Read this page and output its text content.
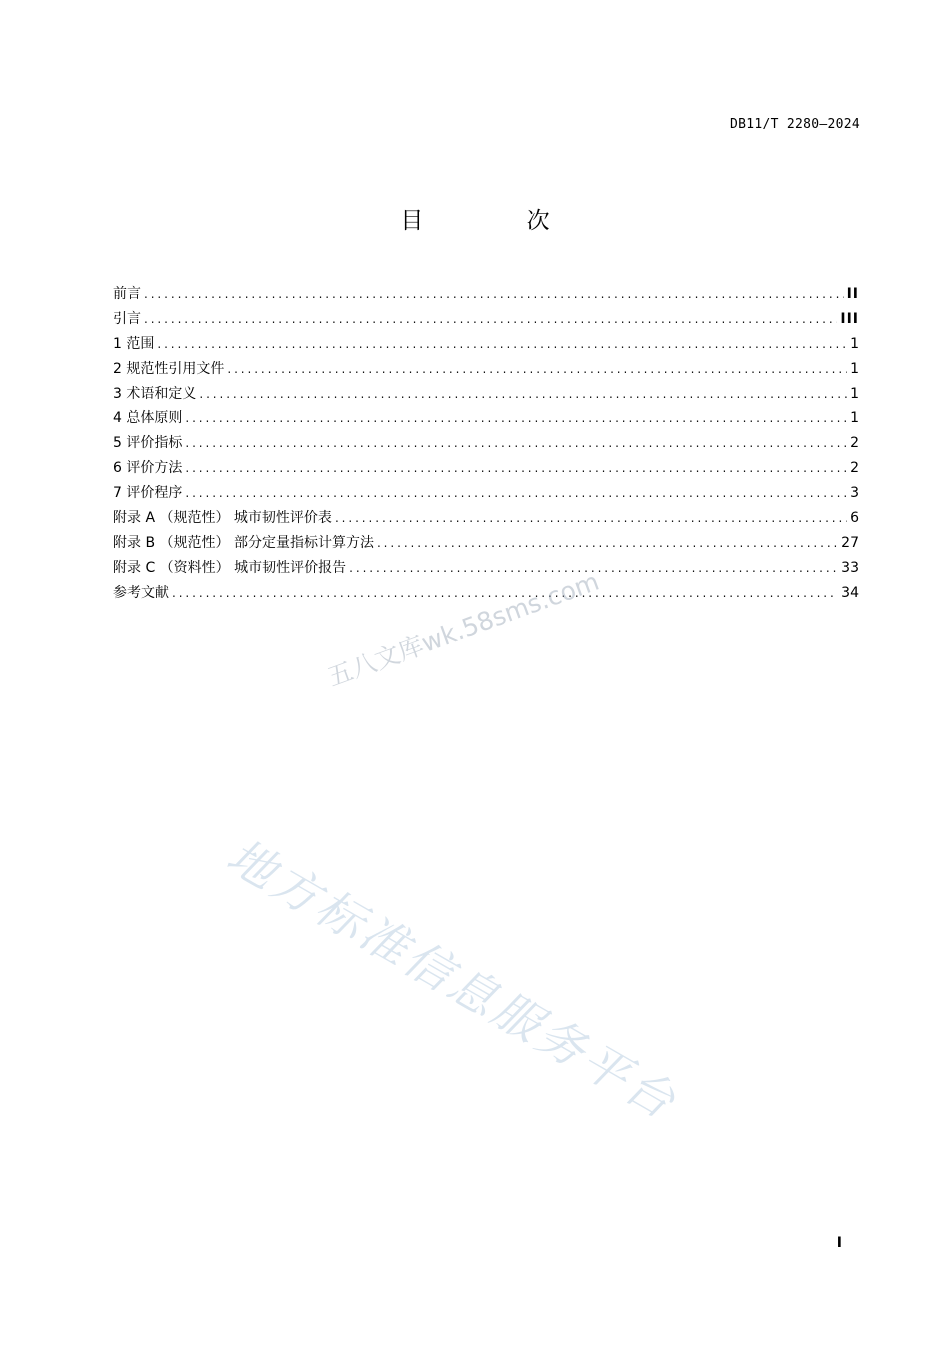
DB11/T 2280—2024
目 次
前言 .....	II
引言 .....	III
1 范围 .....	1
2 规范性引用文件 .....	1
3 术语和定义 .....	1
4 总体原则 .....	1
5 评价指标 .....	2
6 评价方法 .....	2
7 评价程序 .....	3
附录 A （规范性） 城市韧性评价表 .....	6
附录 B （规范性） 部分定量指标计算方法 .....	27
附录 C （资料性） 城市韧性评价报告 .....	33
参考文献 .....	34
五八文库wk.58sms.com
地方标准信息服务平台
I
